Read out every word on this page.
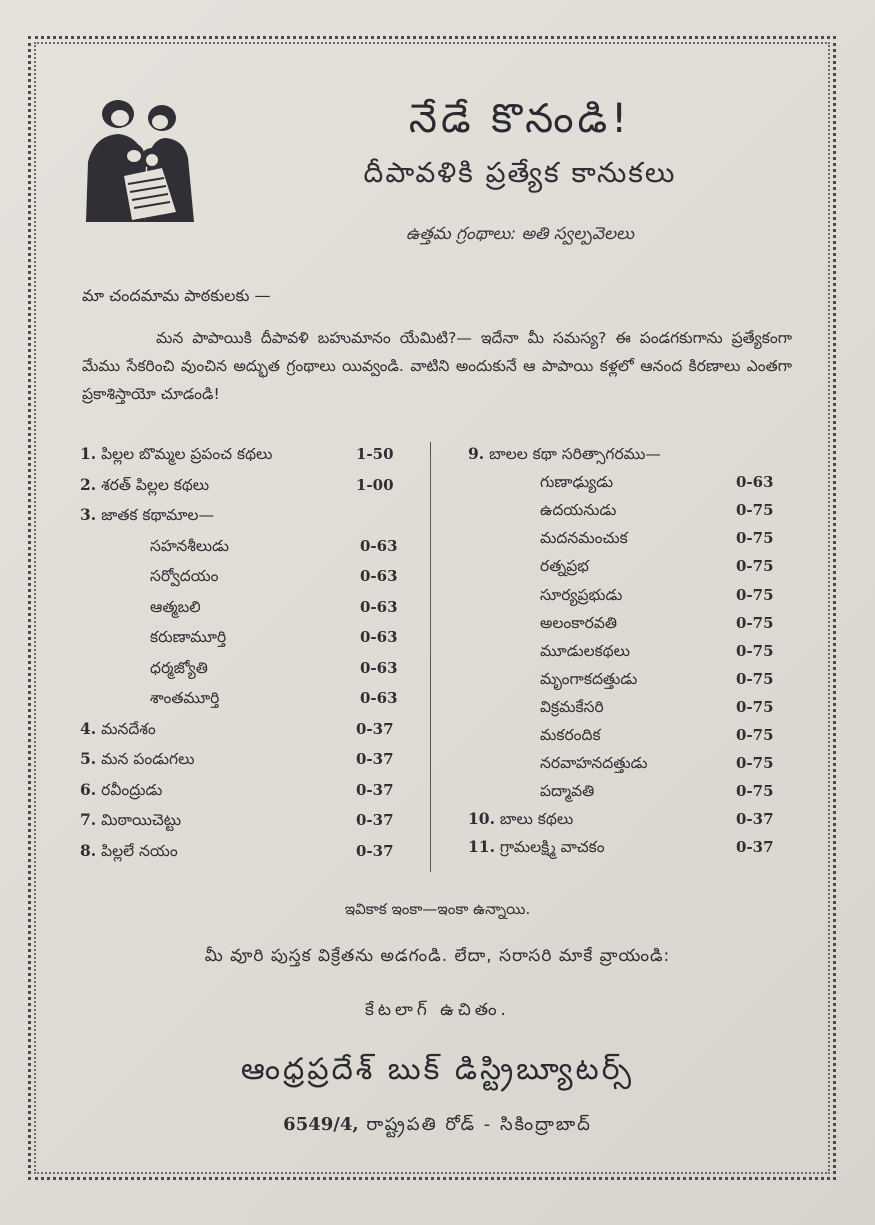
నేడే కొనండి!
దీపావళికి ప్రత్యేక కానుకలు
ఉత్తమ గ్రంథాలు: అతి స్వల్పవెలలు
మా చందమామ పాఠకులకు —
మన పాపాయికి దీపావళి బహుమానం యేమిటి?— ఇదేనా మీ సమస్య? ఈ పండగకుగాను ప్రత్యేకంగా మేము సేకరించి వుంచిన అద్భుత గ్రంథాలు యివ్వండి. వాటిని అందుకునే ఆ పాపాయి కళ్లలో ఆనంద కిరణాలు ఎంతగా ప్రకాశిస్తాయో చూడండి!
1. పిల్లల బొమ్మల ప్రపంచ కథలు	1-50
2. శరత్ పిల్లల కథలు	1-00
3. జాతక కథామాల—
సహనశీలుడు	0-63
సర్వోదయం	0-63
ఆత్మబలి	0-63
కరుణామూర్తి	0-63
ధర్మజ్యోతి	0-63
శాంతమూర్తి	0-63
4. మనదేశం	0-37
5. మన పండుగలు	0-37
6. రవీంద్రుడు	0-37
7. మిఠాయిచెట్టు	0-37
8. పిల్లలే నయం	0-37
9. బాలల కథా సరిత్సాగరము—
గుణాఢ్యుడు	0-63
ఉదయనుడు	0-75
మదనమంచుక	0-75
రత్నప్రభ	0-75
సూర్యప్రభుడు	0-75
అలంకారవతి	0-75
మూడులకథలు	0-75
మృంగాకదత్తుడు	0-75
విక్రమకేసరి	0-75
మకరందిక	0-75
నరవాహనదత్తుడు	0-75
పద్మావతి	0-75
10. బాలు కథలు	0-37
11. గ్రామలక్ష్మి వాచకం	0-37
ఇవికాక ఇంకా—ఇంకా ఉన్నాయి.
మీ వూరి పుస్తక విక్రేతను అడగండి. లేదా, సరాసరి మాకే వ్రాయండి:
కేటలాగ్ ఉచితం.
ఆంధ్రప్రదేశ్ బుక్ డిస్ట్రిబ్యూటర్స్
6549/4, రాష్ట్రపతి రోడ్ - సికింద్రాబాద్
